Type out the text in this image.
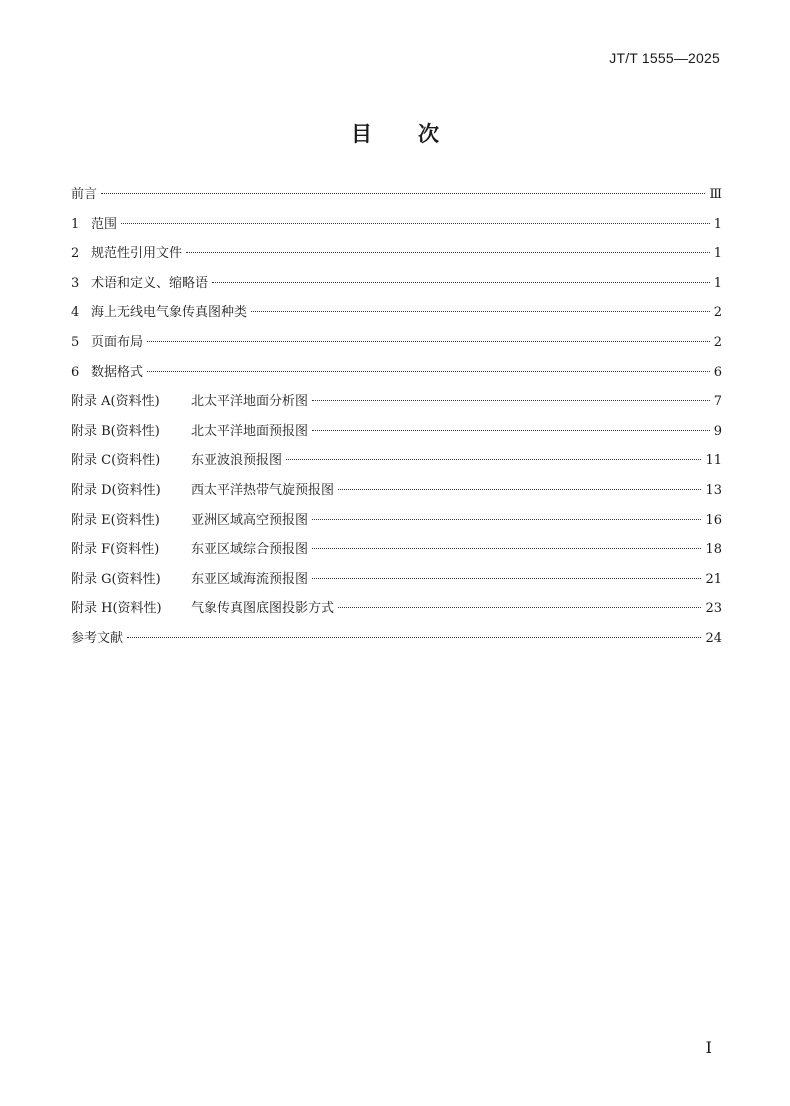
JT/T 1555—2025
目次
前言	Ⅲ
1 范围	1
2 规范性引用文件	1
3 术语和定义、缩略语	1
4 海上无线电气象传真图种类	2
5 页面布局	2
6 数据格式	6
附录 A(资料性)	北太平洋地面分析图	7
附录 B(资料性)	北太平洋地面预报图	9
附录 C(资料性)	东亚波浪预报图	11
附录 D(资料性)	西太平洋热带气旋预报图	13
附录 E(资料性)	亚洲区域高空预报图	16
附录 F(资料性)	东亚区域综合预报图	18
附录 G(资料性)	东亚区域海流预报图	21
附录 H(资料性)	气象传真图底图投影方式	23
参考文献	24
I
